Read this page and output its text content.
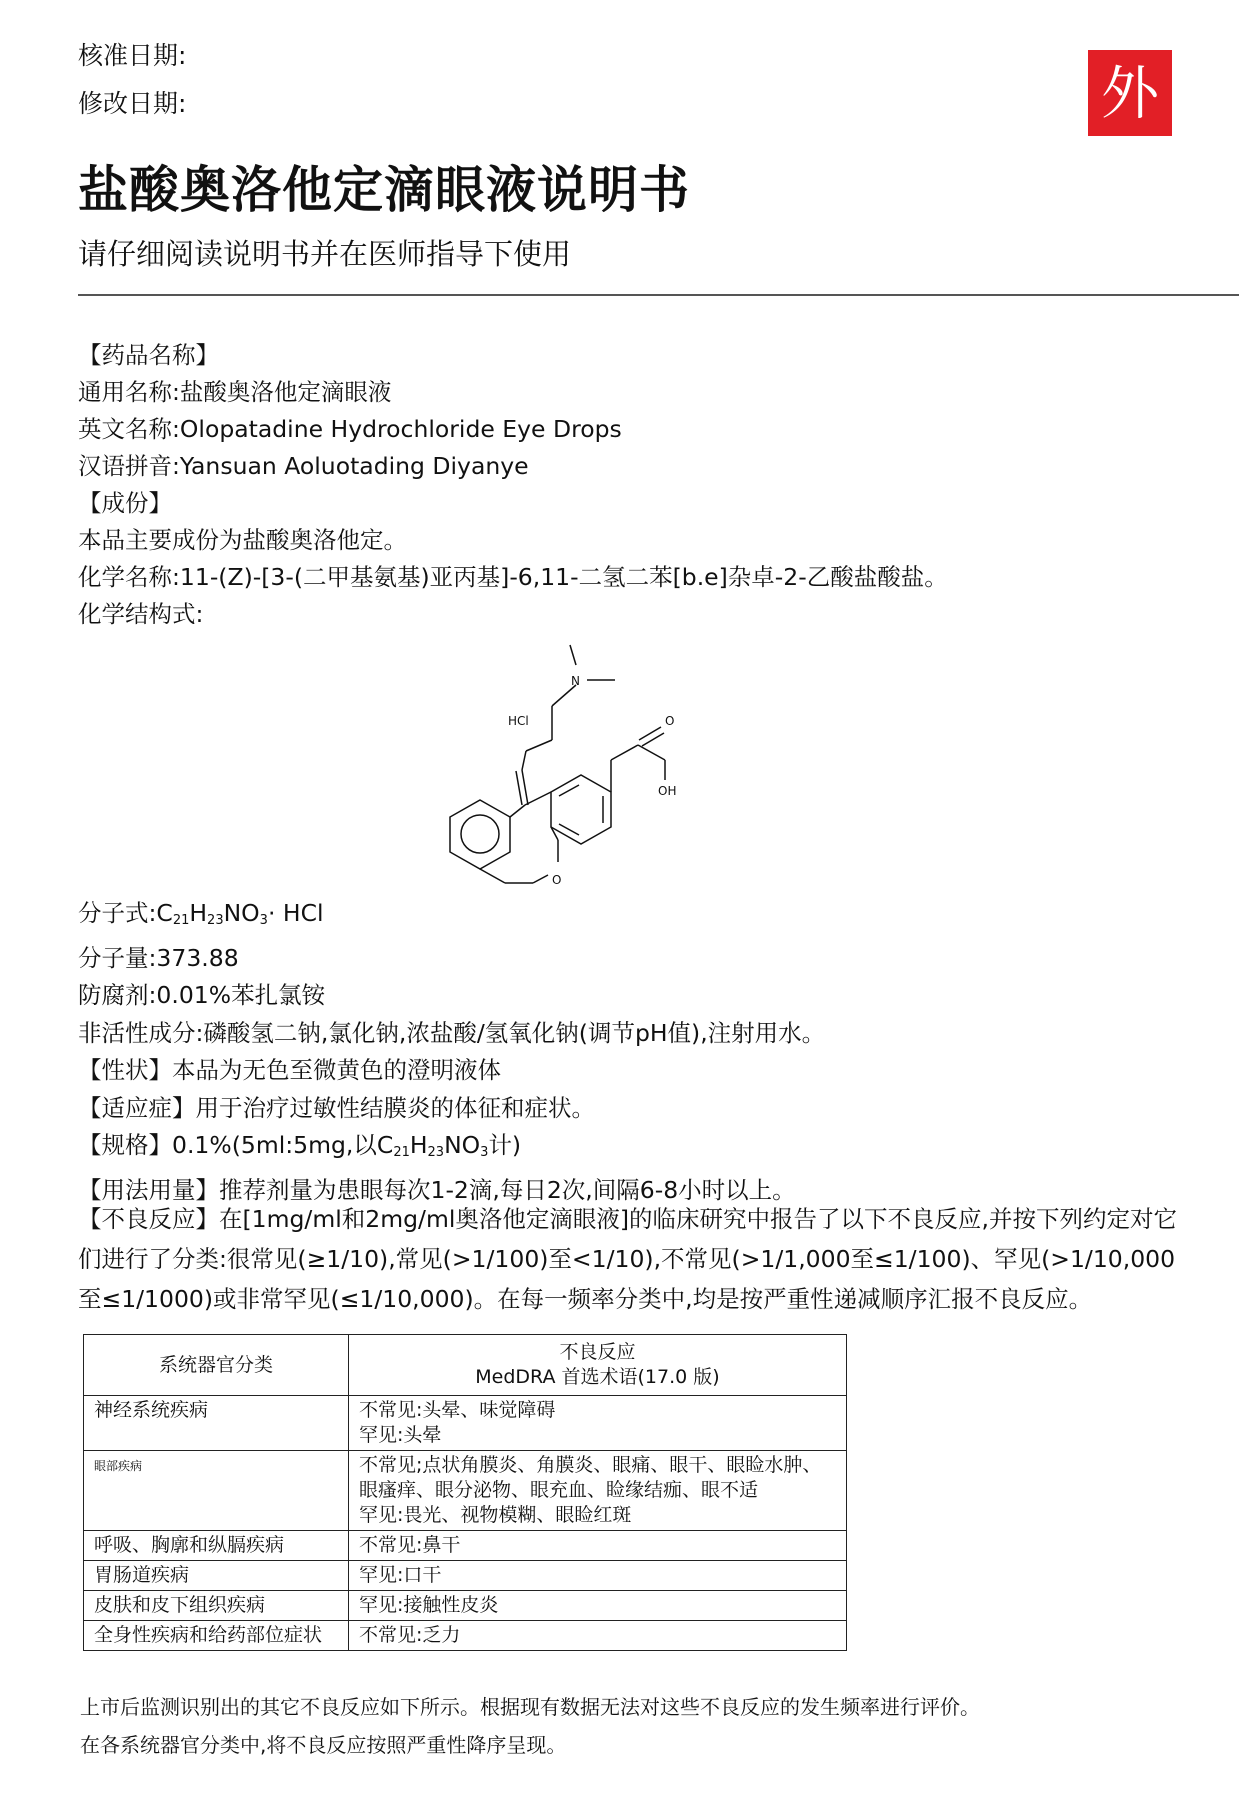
核准日期:
修改日期:	外
盐酸奥洛他定滴眼液说明书
请仔细阅读说明书并在医师指导下使用

【药品名称】

通用名称:盐酸奥洛他定滴眼液

英文名称:Olopatadine Hydrochloride Eye Drops

汉语拼音:Yansuan Aoluotading Diyanye

【成份】

本品主要成份为盐酸奥洛他定。

化学名称:11-(Z)-[3-(二甲基氨基)亚丙基]-6,11-二氢二苯[b.e]杂卓-2-乙酸盐酸盐。

化学结构式:

N
HCl	O
OH
O

分子式$:C_{21}H_{23}NO_3\cdot$ HCl

分子量:373.88

防腐剂:0.01%苯扎氯铵

非活性成分:磷酸氢二钠,氯化钠,浓盐酸/氢氧化钠(调节pH值),注射用水。

【性状】本品为无色至微黄色的澄明液体

【适应症】用于治疗过敏性结膜炎的体征和症状。

【规格】0.1%(5ml:5mg,以$C_{21}H_{23}NO_3$计)

【用法用量】推荐剂量为患眼每次1-2滴,每日2次,间隔6-8小时以上。

【不良反应】在[1mg/ml和2mg/ml奥洛他定滴眼液]的临床研究中报告了以下不良反应,并按下列约定对它

们进行了分类:很常见(≥1/10),常见(>1/100)至<1/10),不常见(>1/1,000至≤1/100)、罕见(>1/10,000

至≤1/1000)或非常罕见(≤1/10,000)。在每一频率分类中,均是按严重性递减顺序汇报不良反应。

系统器官分类	不良反应
MedDRA 首选术语(17.0 版)

神经系统疾病	不常见:头晕、味觉障碍
罕见:头晕

眼部疾病	不常见;点状角膜炎、角膜炎、眼痛、眼干、眼睑水肿、
眼瘙痒、眼分泌物、眼充血、睑缘结痂、眼不适
罕见:畏光、视物模糊、眼睑红斑

呼吸、胸廓和纵膈疾病	不常见:鼻干

胃肠道疾病	罕见:口干

皮肤和皮下组织疾病	罕见:接触性皮炎

全身性疾病和给药部位症状	不常见:乏力

上市后监测识别出的其它不良反应如下所示。根据现有数据无法对这些不良反应的发生频率进行评价。

在各系统器官分类中,将不良反应按照严重性降序呈现。
